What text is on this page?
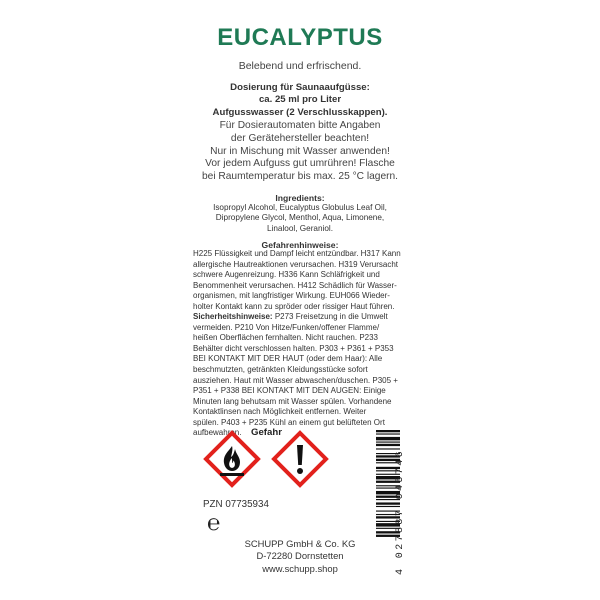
EUCALYPTUS
Belebend und erfrischend.
Dosierung für Saunaaufgüsse:
ca. 25 ml pro Liter
Aufgusswasser (2 Verschlusskappen).
Für Dosierautomaten bitte Angaben
der Gerätehersteller beachten!
Nur in Mischung mit Wasser anwenden!
Vor jedem Aufguss gut umrühren! Flasche
bei Raumtemperatur bis max. 25 °C lagern.
Ingredients:
Isopropyl Alcohol, Eucalyptus Globulus Leaf Oil,
Dipropylene Glycol, Menthol, Aqua, Limonene,
Linalool, Geraniol.
Gefahrenhinweise:
H225 Flüssigkeit und Dampf leicht entzündbar. H317 Kann
allergische Hautreaktionen verursachen. H319 Verursacht
schwere Augenreizung. H336 Kann Schläfrigkeit und
Benommenheit verursachen. H412 Schädlich für Wasser-
organismen, mit langfristiger Wirkung. EUH066 Wieder-
holter Kontakt kann zu spröder oder rissiger Haut führen.
Sicherheitshinweise: P273 Freisetzung in die Umwelt
vermeiden. P210 Von Hitze/Funken/offener Flamme/
heißen Oberflächen fernhalten. Nicht rauchen. P233
Behälter dicht verschlossen halten. P303 + P361 + P353
BEI KONTAKT MIT DER HAUT (oder dem Haar): Alle
beschmutzten, getränkten Kleidungsstücke sofort
ausziehen. Haut mit Wasser abwaschen/duschen. P305 +
P351 + P338 BEI KONTAKT MIT DEN AUGEN: Einige
Minuten lang behutsam mit Wasser spülen. Vorhandene
Kontaktlinsen nach Möglichkeit entfernen. Weiter
spülen. P403 + P235 Kühl an einem gut belüfteten Ort
aufbewahren. Gefahr
PZN 07735934
℮
SCHUPP GmbH & Co. KG
D-72280 Dornstetten
www.schupp.shop	4 027887 045746
